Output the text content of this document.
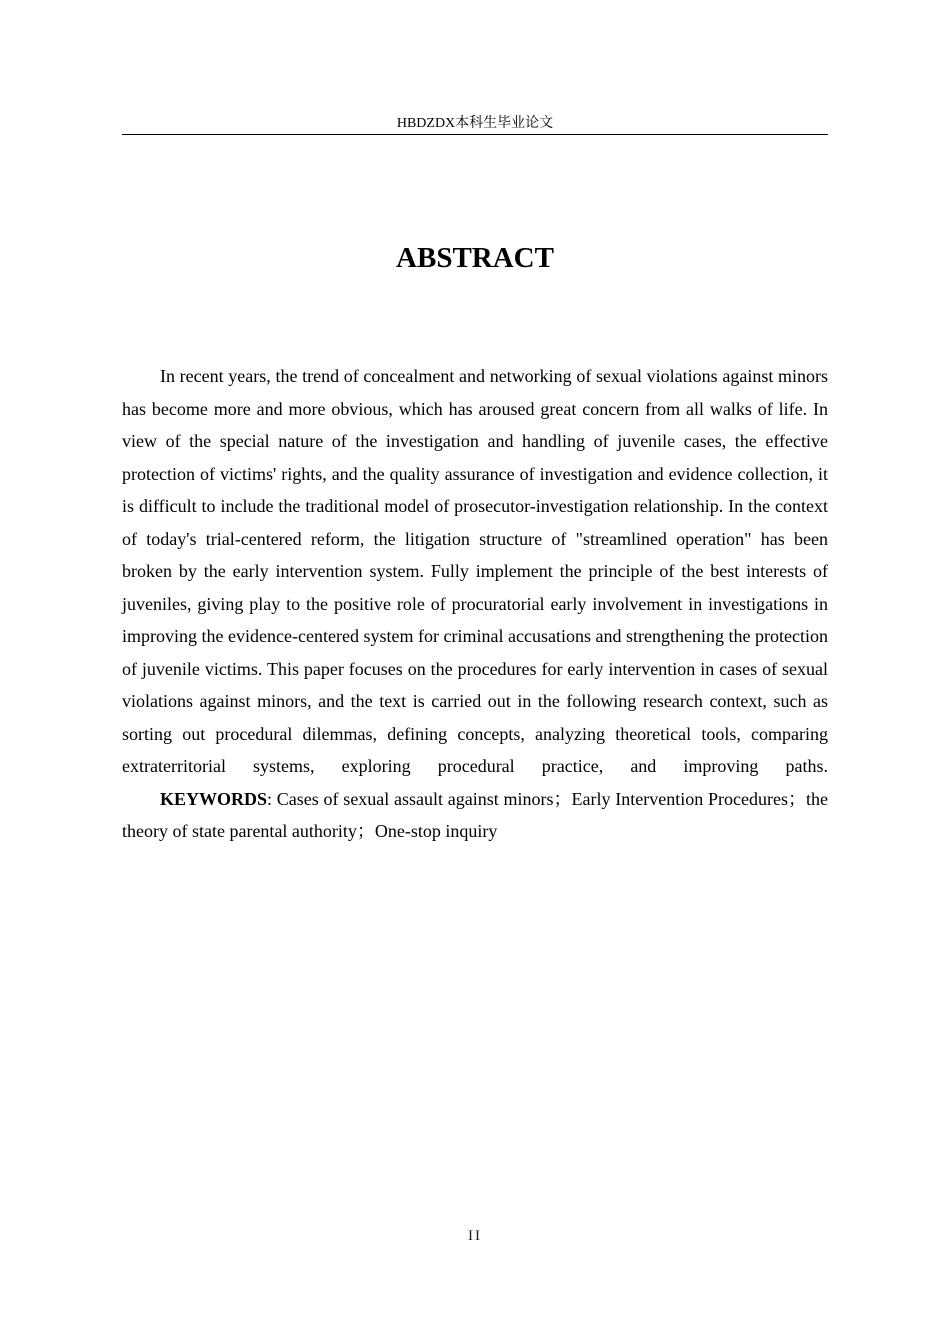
HBDZDX本科生毕业论文
ABSTRACT

In recent years, the trend of concealment and networking of sexual violations against minors has become more and more obvious, which has aroused great concern from all walks of life. In view of the special nature of the investigation and handling of juvenile cases, the effective protection of victims' rights, and the quality assurance of investigation and evidence collection, it is difficult to include the traditional model of prosecutor-investigation relationship. In the context of today's trial-centered reform, the litigation structure of "streamlined operation" has been broken by the early intervention system. Fully implement the principle of the best interests of juveniles, giving play to the positive role of procuratorial early involvement in investigations in improving the evidence-centered system for criminal accusations and strengthening the protection of juvenile victims. This paper focuses on the procedures for early intervention in cases of sexual violations against minors, and the text is carried out in the following research context, such as sorting out procedural dilemmas, defining concepts, analyzing theoretical tools, comparing extraterritorial systems, exploring procedural practice, and improving paths.

KEYWORDS: Cases of sexual assault against minors；Early Intervention Procedures；the theory of state parental authority；One-stop inquiry

II
